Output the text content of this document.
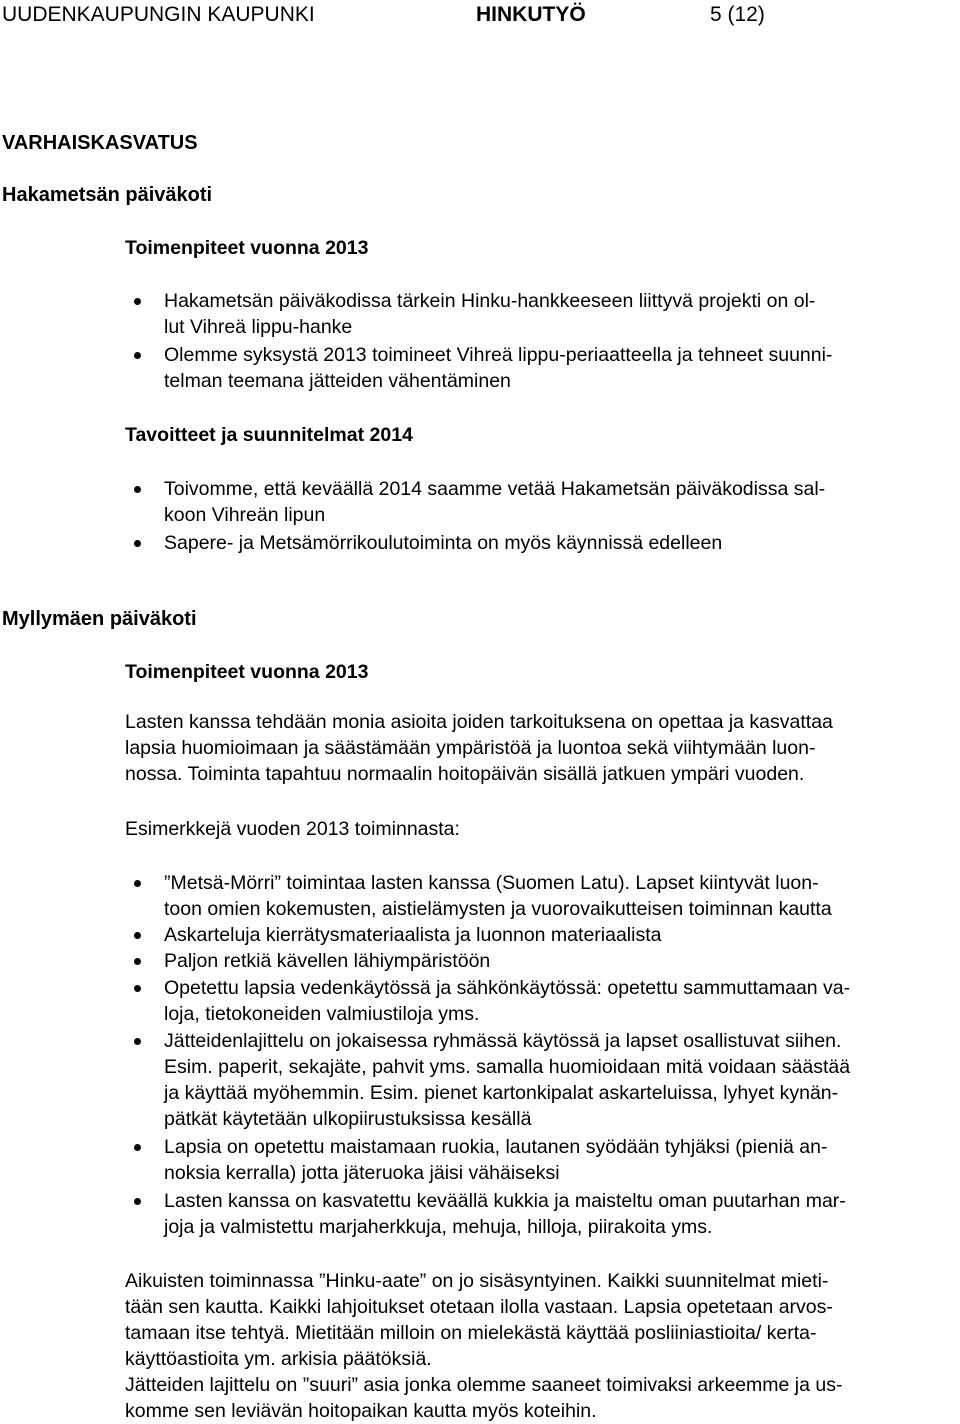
UUDENKAUPUNGIN KAUPUNKI	HINKUTYÖ	5 (12)
VARHAISKASVATUS
Hakametsän päiväkoti
Toimenpiteet vuonna 2013
Hakametsän päiväkodissa tärkein Hinku-hankkeeseen liittyvä projekti on ol-
lut Vihreä lippu-hanke
Olemme syksystä 2013 toimineet Vihreä lippu-periaatteella ja tehneet suunni-
telman teemana jätteiden vähentäminen
Tavoitteet ja suunnitelmat 2014
Toivomme, että keväällä 2014 saamme vetää Hakametsän päiväkodissa sal-
koon Vihreän lipun
Sapere- ja Metsämörrikoulutoiminta on myös käynnissä edelleen
Myllymäen päiväkoti
Toimenpiteet vuonna 2013
Lasten kanssa tehdään monia asioita joiden tarkoituksena on opettaa ja kasvattaa
lapsia huomioimaan ja säästämään ympäristöä ja luontoa sekä viihtymään luon-
nossa. Toiminta tapahtuu normaalin hoitopäivän sisällä jatkuen ympäri vuoden.
Esimerkkejä vuoden 2013 toiminnasta:
”Metsä-Mörri” toimintaa lasten kanssa (Suomen Latu). Lapset kiintyvät luon-
toon omien kokemusten, aistielämysten ja vuorovaikutteisen toiminnan kautta
Askarteluja kierrätysmateriaalista ja luonnon materiaalista
Paljon retkiä kävellen lähiympäristöön
Opetettu lapsia vedenkäytössä ja sähkönkäytössä: opetettu sammuttamaan va-
loja, tietokoneiden valmiustiloja yms.
Jätteidenlajittelu on jokaisessa ryhmässä käytössä ja lapset osallistuvat siihen.
Esim. paperit, sekajäte, pahvit yms. samalla huomioidaan mitä voidaan säästää
ja käyttää myöhemmin. Esim. pienet kartonkipalat askarteluissa, lyhyet kynän-
pätkät käytetään ulkopiirustuksissa kesällä
Lapsia on opetettu maistamaan ruokia, lautanen syödään tyhjäksi (pieniä an-
noksia kerralla) jotta jäteruoka jäisi vähäiseksi
Lasten kanssa on kasvatettu keväällä kukkia ja maisteltu oman puutarhan mar-
joja ja valmistettu marjaherkkuja, mehuja, hilloja, piirakoita yms.
Aikuisten toiminnassa ”Hinku-aate” on jo sisäsyntyinen. Kaikki suunnitelmat mieti-
tään sen kautta. Kaikki lahjoitukset otetaan ilolla vastaan. Lapsia opetetaan arvos-
tamaan itse tehtyä. Mietitään milloin on mielekästä käyttää posliiniastioita/ kerta-
käyttöastioita ym. arkisia päätöksiä.
Jätteiden lajittelu on ”suuri” asia jonka olemme saaneet toimivaksi arkeemme ja us-
komme sen leviävän hoitopaikan kautta myös koteihin.
